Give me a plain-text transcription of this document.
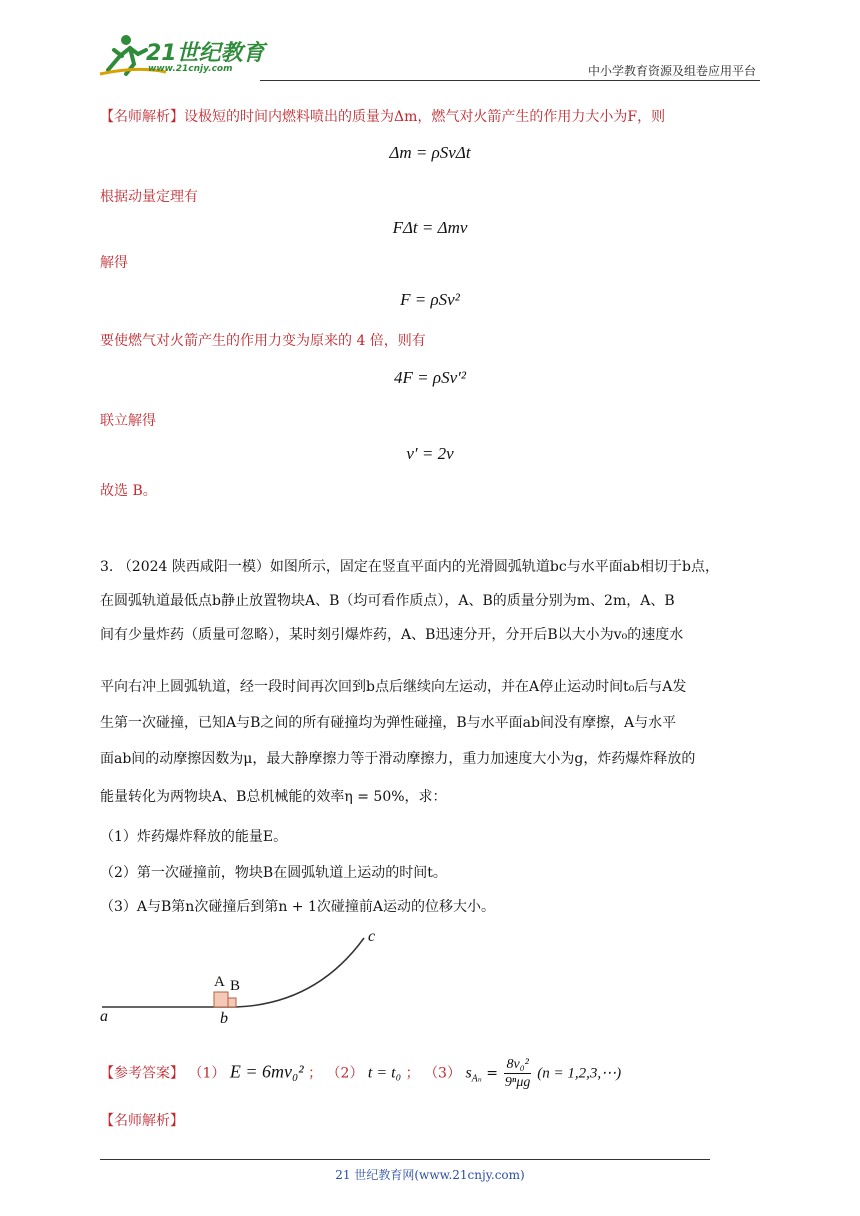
21世纪教育
www.21cnjy.com	中小学教育资源及组卷应用平台
【名师解析】设极短的时间内燃料喷出的质量为Δm，燃气对火箭产生的作用力大小为F，则
Δm = ρSvΔt
根据动量定理有
FΔt = Δmv
解得
F = ρSv²
要使燃气对火箭产生的作用力变为原来的 4 倍，则有
4F = ρSv′²
联立解得
v′ = 2v
故选 B。
3. （2024 陕西咸阳一模）如图所示，固定在竖直平面内的光滑圆弧轨道bc与水平面ab相切于b点，
在圆弧轨道最低点b静止放置物块A、B（均可看作质点），A、B的质量分别为m、2m，A、B
间有少量炸药（质量可忽略），某时刻引爆炸药，A、B迅速分开，分开后B以大小为v₀的速度水
平向右冲上圆弧轨道，经一段时间再次回到b点后继续向左运动，并在A停止运动时间t₀后与A发
生第一次碰撞，已知A与B之间的所有碰撞均为弹性碰撞，B与水平面ab间没有摩擦，A与水平
面ab间的动摩擦因数为μ，最大静摩擦力等于滑动摩擦力，重力加速度大小为g，炸药爆炸释放的
能量转化为两物块A、B总机械能的效率η = 50%，求：
（1）炸药爆炸释放的能量E。
（2）第一次碰撞前，物块B在圆弧轨道上运动的时间t。
（3）A与B第n次碰撞后到第n + 1次碰撞前A运动的位移大小。
a	b
c
A B
【参考答案】 （1） E = 6mv₀² ； （2） t = t₀ ； （3） $s_{A_n}$ =
8v₀²
9ⁿμg
(n = 1,2,3,⋯)
【名师解析】
21 世纪教育网(www.21cnjy.com)
